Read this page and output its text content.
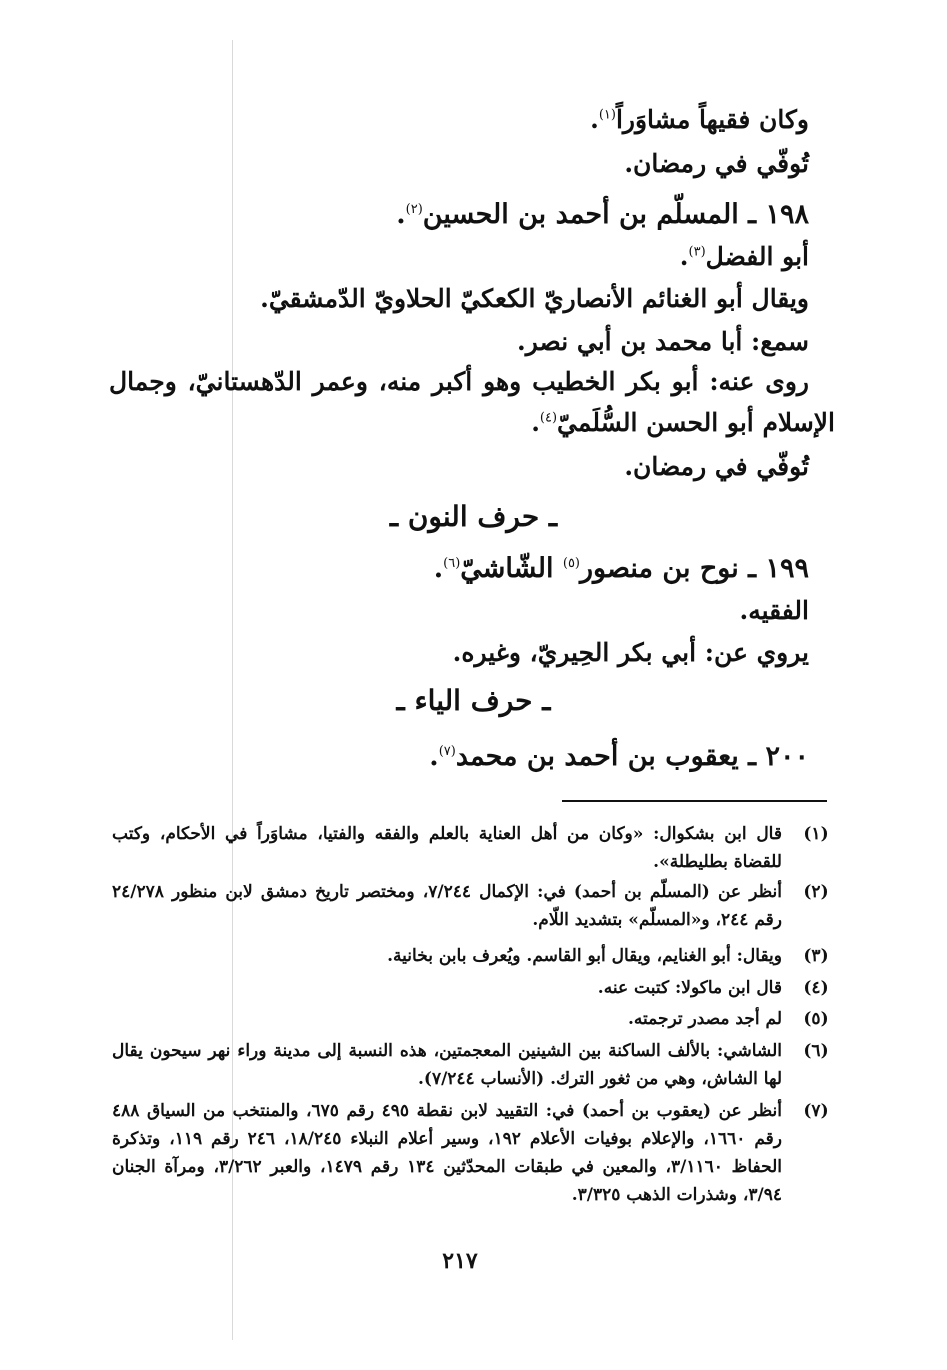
وكان فقيهاً مشاوَراً$^{(١)}$.
تُوفّي في رمضان.
١٩٨ ـ المسلّم بن أحمد بن الحسين$^{(٢)}$.
أبو الفضل$^{(٣)}$.
ويقال أبو الغنائم الأنصاريّ الكعكيّ الحلاويّ الدّمشقيّ.
سمع: أبا محمد بن أبي نصر.
روى عنه: أبو بكر الخطيب وهو أكبر منه، وعمر الدّهستانيّ، وجمال
الإسلام أبو الحسن السُّلَميّ$^{(٤)}$.
تُوفّي في رمضان.
ـ حرف النون ـ
١٩٩ ـ نوح بن منصور$^{(٥)}$ الشّاشيّ$^{(٦)}$.
الفقيه.
يروي عن: أبي بكر الحِيريّ، وغيره.
ـ حرف الياء ـ
٢٠٠ ـ يعقوب بن أحمد بن محمد$^{(٧)}$.
(١)
قال ابن بشكوال: «وكان من أهل العناية بالعلم والفقه والفتيا، مشاوَراً في الأحكام، وكتب للقضاة بطليطلة».
(٢)
أنظر عن (المسلّم بن أحمد) في: الإكمال ٧/٢٤٤، ومختصر تاريخ دمشق لابن منظور ٢٤/٢٧٨ رقم ٢٤٤، و«المسلّم» بتشديد اللّام.
(٣)
ويقال: أبو الغنايم، ويقال أبو القاسم. ويُعرف بابن بخانية.
(٤)
قال ابن ماكولا: كتبت عنه.
(٥)
لم أجد مصدر ترجمته.
(٦)
الشاشي: بالألف الساكنة بين الشينين المعجمتين، هذه النسبة إلى مدينة وراء نهر سيحون يقال لها الشاش، وهي من ثغور الترك. (الأنساب ٧/٢٤٤).
(٧)
أنظر عن (يعقوب بن أحمد) في: التقييد لابن نقطة ٤٩٥ رقم ٦٧٥، والمنتخب من السياق ٤٨٨ رقم ١٦٦٠، والإعلام بوفيات الأعلام ١٩٢، وسير أعلام النبلاء ١٨/٢٤٥، ٢٤٦ رقم ١١٩، وتذكرة الحفاظ ٣/١١٦٠، والمعين في طبقات المحدّثين ١٣٤ رقم ١٤٧٩، والعبر ٣/٢٦٢، ومرآة الجنان ٣/٩٤، وشذرات الذهب ٣/٣٢٥.
٢١٧
